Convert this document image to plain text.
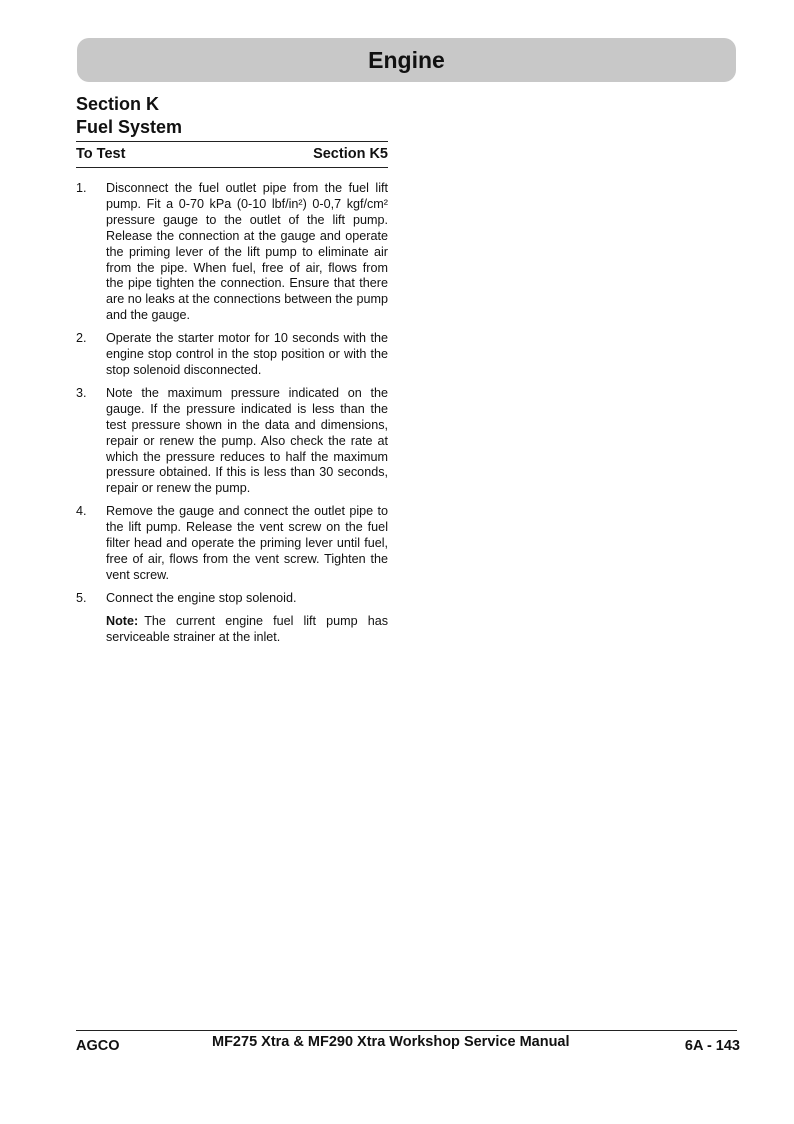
Engine
Section K
Fuel System
To Test	Section K5
1.	Disconnect the fuel outlet pipe from the fuel lift pump. Fit a 0-70 kPa (0-10 lbf/in²) 0-0,7 kgf/cm² pressure gauge to the outlet of the lift pump. Release the connection at the gauge and operate the priming lever of the lift pump to eliminate air from the pipe. When fuel, free of air, flows from the pipe tighten the connection. Ensure that there are no leaks at the connections between the pump and the gauge.
2.	Operate the starter motor for 10 seconds with the engine stop control in the stop position or with the stop solenoid disconnected.
3.	Note the maximum pressure indicated on the gauge. If the pressure indicated is less than the test pressure shown in the data and dimensions, repair or renew the pump. Also check the rate at which the pressure reduces to half the maximum pressure obtained. If this is less than 30 seconds, repair or renew the pump.
4.	Remove the gauge and connect the outlet pipe to the lift pump. Release the vent screw on the fuel filter head and operate the priming lever until fuel, free of air, flows from the vent screw. Tighten the vent screw.
5.	Connect the engine stop solenoid.
Note: The current engine fuel lift pump has serviceable strainer at the inlet.
AGCO	MF275 Xtra & MF290 Xtra Workshop Service Manual	6A - 143
